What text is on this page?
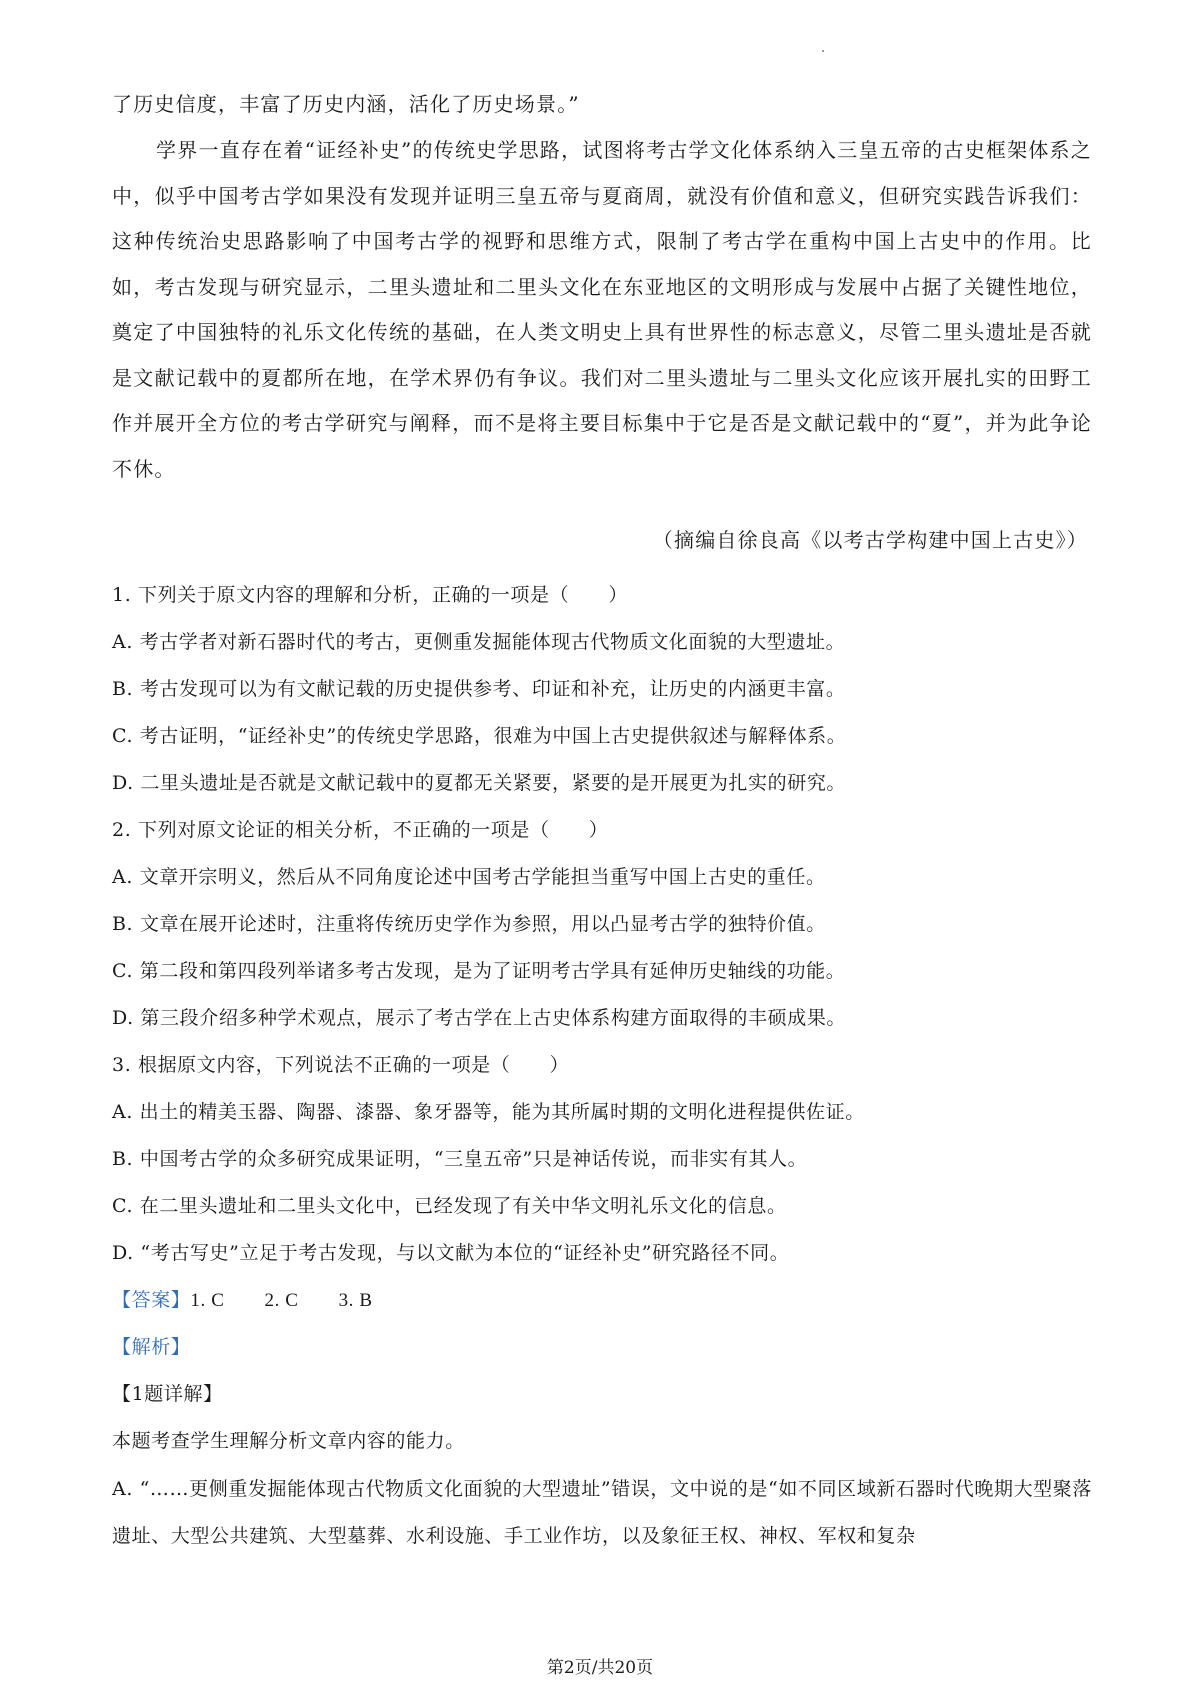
了历史信度，丰富了历史内涵，活化了历史场景。”

学界一直存在着“证经补史”的传统史学思路，试图将考古学文化体系纳入三皇五帝的古史框架体系之中，似乎中国考古学如果没有发现并证明三皇五帝与夏商周，就没有价值和意义，但研究实践告诉我们：这种传统治史思路影响了中国考古学的视野和思维方式，限制了考古学在重构中国上古史中的作用。比如，考古发现与研究显示，二里头遗址和二里头文化在东亚地区的文明形成与发展中占据了关键性地位，奠定了中国独特的礼乐文化传统的基础，在人类文明史上具有世界性的标志意义，尽管二里头遗址是否就是文献记载中的夏都所在地，在学术界仍有争议。我们对二里头遗址与二里头文化应该开展扎实的田野工作并展开全方位的考古学研究与阐释，而不是将主要目标集中于它是否是文献记载中的“夏”，并为此争论不休。

（摘编自徐良高《以考古学构建中国上古史》）
1. 下列关于原文内容的理解和分析，正确的一项是（　　）
A. 考古学者对新石器时代的考古，更侧重发掘能体现古代物质文化面貌的大型遗址。
B. 考古发现可以为有文献记载的历史提供参考、印证和补充，让历史的内涵更丰富。
C. 考古证明，“证经补史”的传统史学思路，很难为中国上古史提供叙述与解释体系。
D. 二里头遗址是否就是文献记载中的夏都无关紧要，紧要的是开展更为扎实的研究。
2. 下列对原文论证的相关分析，不正确的一项是（　　）
A. 文章开宗明义，然后从不同角度论述中国考古学能担当重写中国上古史的重任。
B. 文章在展开论述时，注重将传统历史学作为参照，用以凸显考古学的独特价值。
C. 第二段和第四段列举诸多考古发现，是为了证明考古学具有延伸历史轴线的功能。
D. 第三段介绍多种学术观点，展示了考古学在上古史体系构建方面取得的丰硕成果。
3. 根据原文内容，下列说法不正确的一项是（　　）
A. 出土的精美玉器、陶器、漆器、象牙器等，能为其所属时期的文明化进程提供佐证。
B. 中国考古学的众多研究成果证明，“三皇五帝”只是神话传说，而非实有其人。
C. 在二里头遗址和二里头文化中，已经发现了有关中华文明礼乐文化的信息。
D. “考古写史”立足于考古发现，与以文献为本位的“证经补史”研究路径不同。
【答案】1. C 2. C 3. B
【解析】
【1题详解】
本题考查学生理解分析文章内容的能力。

A. “……更侧重发掘能体现古代物质文化面貌的大型遗址”错误，文中说的是“如不同区域新石器时代晚期大型聚落遗址、大型公共建筑、大型墓葬、水利设施、手工业作坊，以及象征王权、神权、军权和复杂

第2页/共20页
